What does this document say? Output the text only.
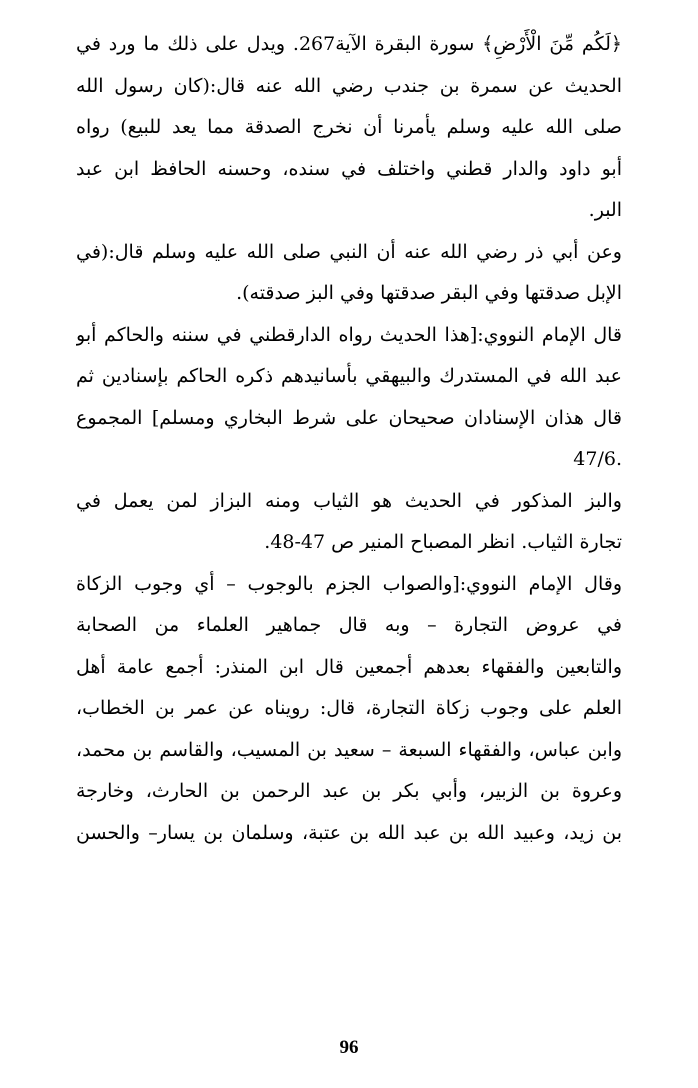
﴿لَكُم مِّنَ الْأَرْضِ﴾ سورة البقرة الآية267. ويدل على ذلك ما ورد في
الحديث عن سمرة بن جندب رضي الله عنه قال:(كان رسول الله
صلى الله عليه وسلم يأمرنا أن نخرج الصدقة مما يعد للبيع) رواه
أبو داود والدار قطني واختلف في سنده، وحسنه الحافظ ابن عبد
البر.

وعن أبي ذر رضي الله عنه أن النبي صلى الله عليه وسلم قال:(في
الإبل صدقتها وفي البقر صدقتها وفي البز صدقته).

قال الإمام النووي:[هذا الحديث رواه الدارقطني في سننه والحاكم أبو
عبد الله في المستدرك والبيهقي بأسانيدهم ذكره الحاكم بإسنادين ثم
قال هذان الإسنادان صحيحان على شرط البخاري ومسلم] المجموع
.47/6

والبز المذكور في الحديث هو الثياب ومنه البزاز لمن يعمل في
تجارة الثياب. انظر المصباح المنير ص 47-48.

وقال الإمام النووي:[والصواب الجزم بالوجوب – أي وجوب الزكاة
في عروض التجارة – وبه قال جماهير العلماء من الصحابة
والتابعين والفقهاء بعدهم أجمعين قال ابن المنذر: أجمع عامة أهل
العلم على وجوب زكاة التجارة، قال: رويناه عن عمر بن الخطاب،
وابن عباس، والفقهاء السبعة – سعيد بن المسيب، والقاسم بن محمد،
وعروة بن الزبير، وأبي بكر بن عبد الرحمن بن الحارث، وخارجة
بن زيد، وعبيد الله بن عبد الله بن عتبة، وسلمان بن يسار– والحسن

96
